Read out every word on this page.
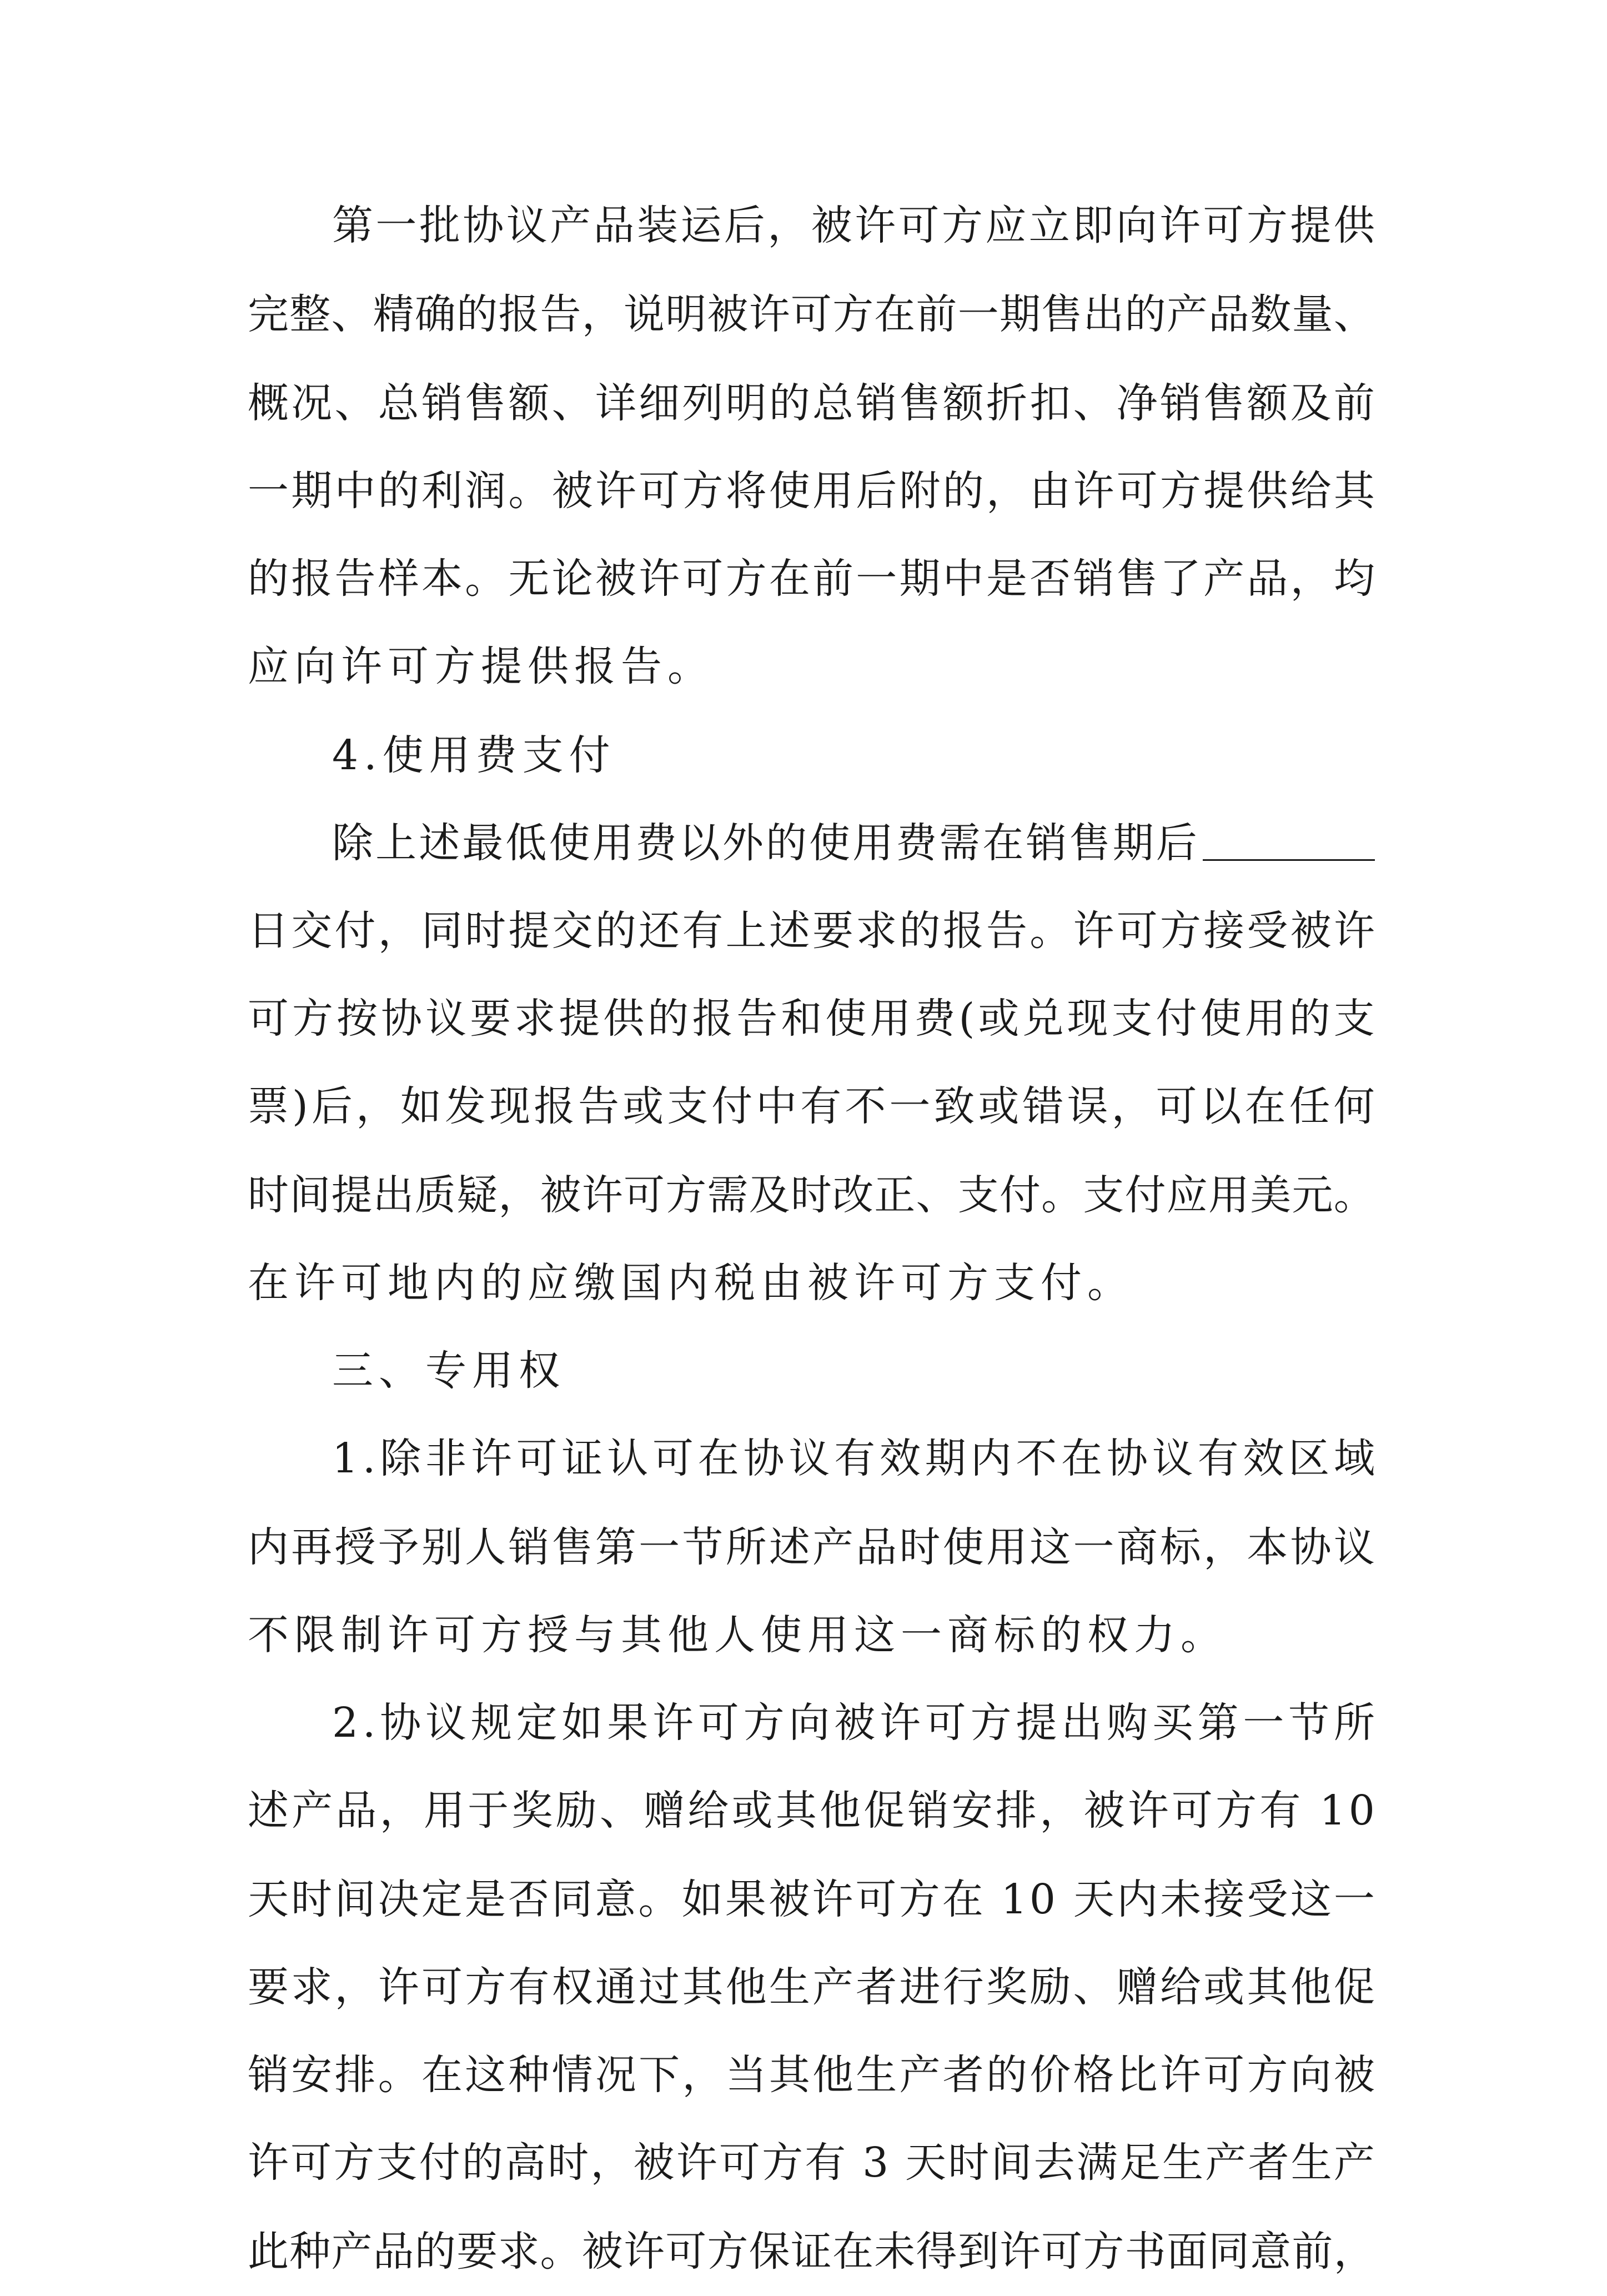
第 一 批 协 议 产 品 装 运 后 ， 被 许 可 方 应 立 即 向 许 可 方 提 供
完 整 、 精 确 的 报 告 ， 说 明 被 许 可 方 在 前 一 期 售 出 的 产 品 数 量 、
概 况 、 总 销 售 额 、 详 细 列 明 的 总 销 售 额 折 扣 、 净 销 售 额 及 前
一 期 中 的 利 润 。 被 许 可 方 将 使 用 后 附 的 ， 由 许 可 方 提 供 给 其
的 报 告 样 本 。 无 论 被 许 可 方 在 前 一 期 中 是 否 销 售 了 产 品 ， 均
应向许可方提供报告。
4.使用费支付
除 上 述 最 低 使 用 费 以 外 的 使 用 费 需 在 销 售 期 后
日 交 付 ， 同 时 提 交 的 还 有 上 述 要 求 的 报 告 。 许 可 方 接 受 被 许
可 方 按 协 议 要 求 提 供 的 报 告 和 使 用 费 ( 或 兑 现 支 付 使 用 的 支
票 ) 后 ， 如 发 现 报 告 或 支 付 中 有 不 一 致 或 错 误 ， 可 以 在 任 何
时 间 提 出 质 疑 ， 被 许 可 方 需 及 时 改 正 、 支 付 。 支 付 应 用 美 元 。
在许可地内的应缴国内税由被许可方支付。
三、专用权
1 . 除 非 许 可 证 认 可 在 协 议 有 效 期 内 不 在 协 议 有 效 区 域
内 再 授 予 别 人 销 售 第 一 节 所 述 产 品 时 使 用 这 一 商 标 ， 本 协 议
不限制许可方授与其他人使用这一商标的权力。
2 . 协 议 规 定 如 果 许 可 方 向 被 许 可 方 提 出 购 买 第 一 节 所
述 产 品 ， 用 于 奖 励 、 赠 给 或 其 他 促 销 安 排 ， 被 许 可 方 有
1 0
天 时 间 决 定 是 否 同 意 。 如 果 被 许 可 方 在
1 0
天 内 未 接 受 这 一
要 求 ， 许 可 方 有 权 通 过 其 他 生 产 者 进 行 奖 励 、 赠 给 或 其 他 促
销 安 排 。 在 这 种 情 况 下 ， 当 其 他 生 产 者 的 价 格 比 许 可 方 向 被
许 可 方 支 付 的 高 时 ， 被 许 可 方 有
3
天 时 间 去 满 足 生 产 者 生 产
此 种 产 品 的 要 求 。 被 许 可 方 保 证 在 未 得 到 许 可 方 书 面 同 意 前 ，
